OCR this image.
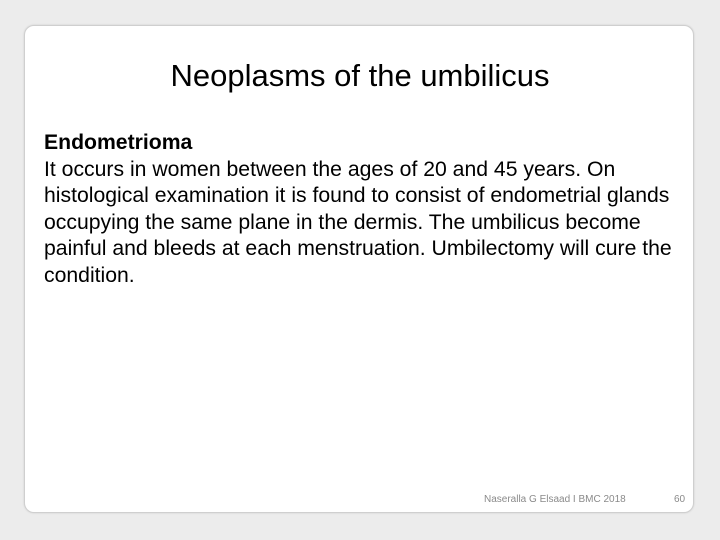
Neoplasms of the umbilicus
Endometrioma
It occurs in women between the ages of 20 and 45 years. On histological examination it is found to consist of endometrial glands occupying the same plane in the dermis. The umbilicus become painful and bleeds at each menstruation. Umbilectomy will cure the condition.
Naseralla G Elsaad I BMC 2018	60
